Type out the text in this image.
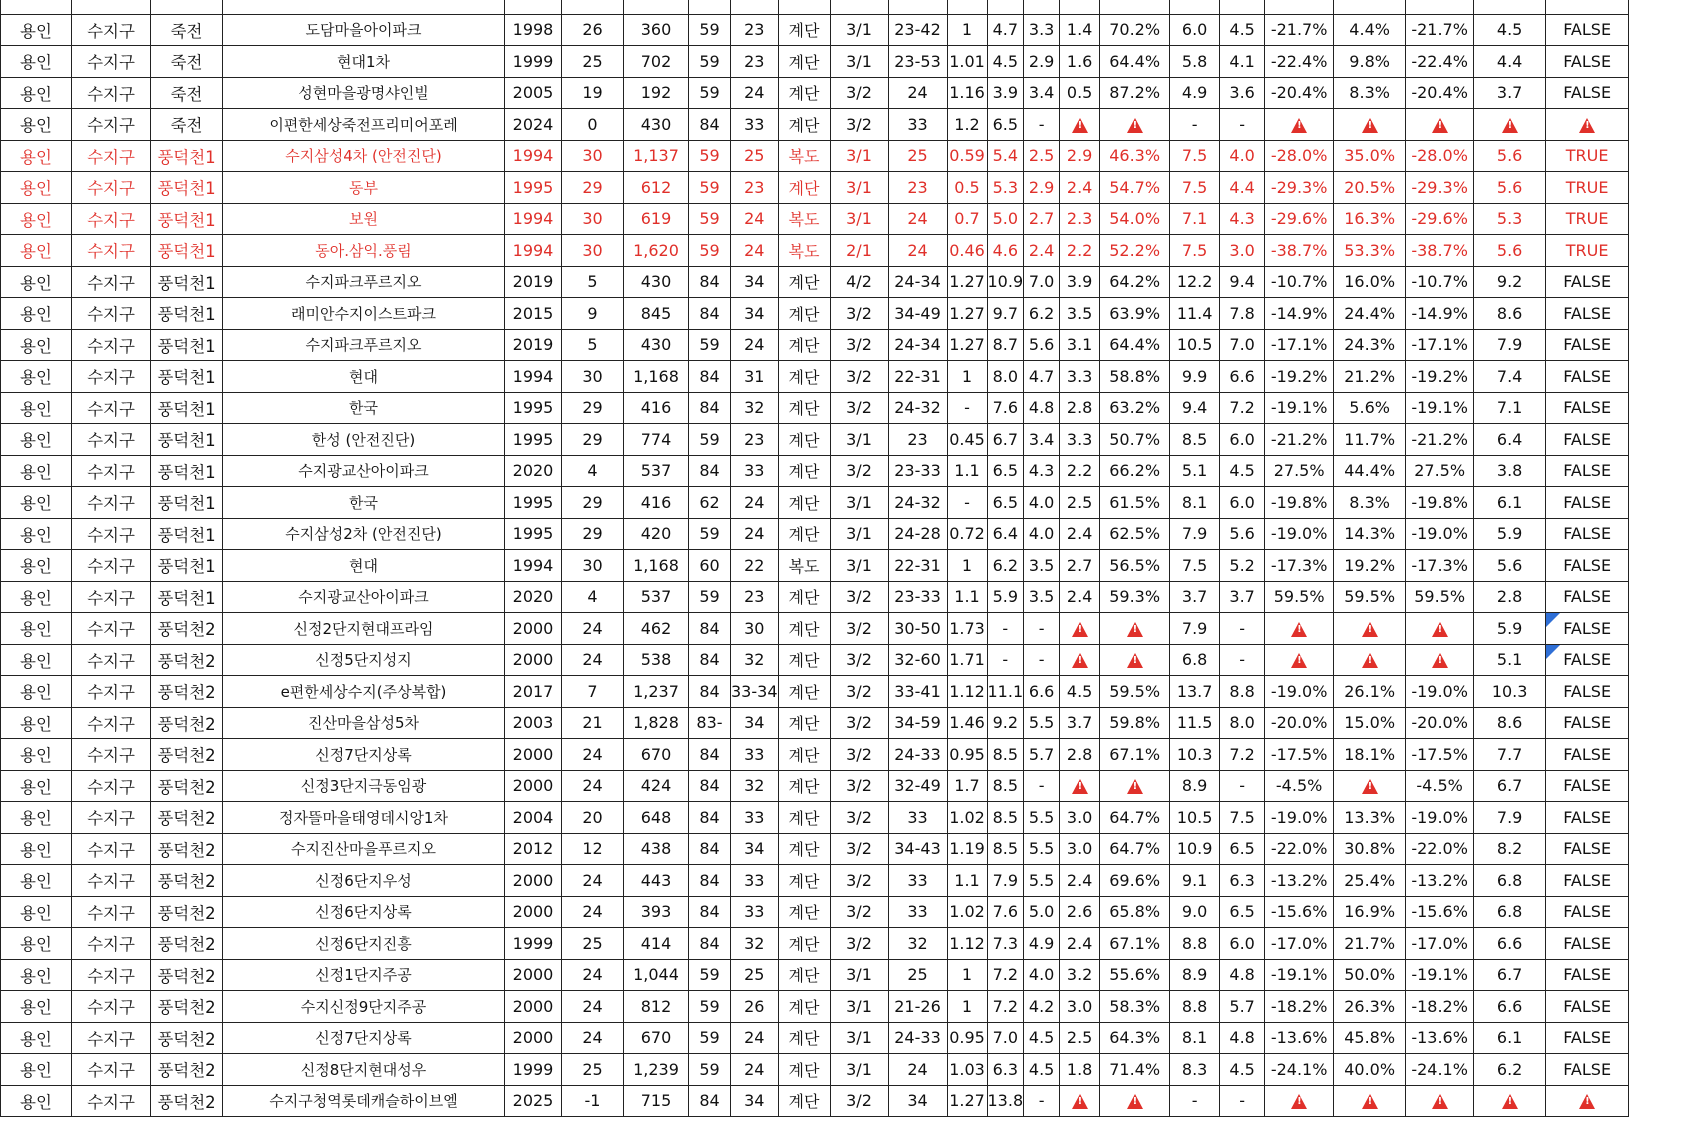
용인	수지구	죽전	도담마을아이파크	1998	26	360	59	23	계단	3/1	23-42	1	4.7	3.3	1.4	70.2%	6.0	4.5	-21.7%	4.4%	-21.7%	4.5	FALSE
용인	수지구	죽전	현대1차	1999	25	702	59	23	계단	3/1	23-53	1.01	4.5	2.9	1.6	64.4%	5.8	4.1	-22.4%	9.8%	-22.4%	4.4	FALSE
용인	수지구	죽전	성현마을광명샤인빌	2005	19	192	59	24	계단	3/2	24	1.16	3.9	3.4	0.5	87.2%	4.9	3.6	-20.4%	8.3%	-20.4%	3.7	FALSE
용인	수지구	죽전	이편한세상죽전프리미어포레	2024	0	430	84	33	계단	3/2	33	1.2	6.5	-	!	!	-	-	!	!	!	!	!
용인	수지구	풍덕천1	수지삼성4차 (안전진단)	1994	30	1,137	59	25	복도	3/1	25	0.59	5.4	2.5	2.9	46.3%	7.5	4.0	-28.0%	35.0%	-28.0%	5.6	TRUE
용인	수지구	풍덕천1	동부	1995	29	612	59	23	계단	3/1	23	0.5	5.3	2.9	2.4	54.7%	7.5	4.4	-29.3%	20.5%	-29.3%	5.6	TRUE
용인	수지구	풍덕천1	보원	1994	30	619	59	24	복도	3/1	24	0.7	5.0	2.7	2.3	54.0%	7.1	4.3	-29.6%	16.3%	-29.6%	5.3	TRUE
용인	수지구	풍덕천1	동아.삼익.풍림	1994	30	1,620	59	24	복도	2/1	24	0.46	4.6	2.4	2.2	52.2%	7.5	3.0	-38.7%	53.3%	-38.7%	5.6	TRUE
용인	수지구	풍덕천1	수지파크푸르지오	2019	5	430	84	34	계단	4/2	24-34	1.27	10.9	7.0	3.9	64.2%	12.2	9.4	-10.7%	16.0%	-10.7%	9.2	FALSE
용인	수지구	풍덕천1	래미안수지이스트파크	2015	9	845	84	34	계단	3/2	34-49	1.27	9.7	6.2	3.5	63.9%	11.4	7.8	-14.9%	24.4%	-14.9%	8.6	FALSE
용인	수지구	풍덕천1	수지파크푸르지오	2019	5	430	59	24	계단	3/2	24-34	1.27	8.7	5.6	3.1	64.4%	10.5	7.0	-17.1%	24.3%	-17.1%	7.9	FALSE
용인	수지구	풍덕천1	현대	1994	30	1,168	84	31	계단	3/2	22-31	1	8.0	4.7	3.3	58.8%	9.9	6.6	-19.2%	21.2%	-19.2%	7.4	FALSE
용인	수지구	풍덕천1	한국	1995	29	416	84	32	계단	3/2	24-32	-	7.6	4.8	2.8	63.2%	9.4	7.2	-19.1%	5.6%	-19.1%	7.1	FALSE
용인	수지구	풍덕천1	한성 (안전진단)	1995	29	774	59	23	계단	3/1	23	0.45	6.7	3.4	3.3	50.7%	8.5	6.0	-21.2%	11.7%	-21.2%	6.4	FALSE
용인	수지구	풍덕천1	수지광교산아이파크	2020	4	537	84	33	계단	3/2	23-33	1.1	6.5	4.3	2.2	66.2%	5.1	4.5	27.5%	44.4%	27.5%	3.8	FALSE
용인	수지구	풍덕천1	한국	1995	29	416	62	24	계단	3/1	24-32	-	6.5	4.0	2.5	61.5%	8.1	6.0	-19.8%	8.3%	-19.8%	6.1	FALSE
용인	수지구	풍덕천1	수지삼성2차 (안전진단)	1995	29	420	59	24	계단	3/1	24-28	0.72	6.4	4.0	2.4	62.5%	7.9	5.6	-19.0%	14.3%	-19.0%	5.9	FALSE
용인	수지구	풍덕천1	현대	1994	30	1,168	60	22	복도	3/1	22-31	1	6.2	3.5	2.7	56.5%	7.5	5.2	-17.3%	19.2%	-17.3%	5.6	FALSE
용인	수지구	풍덕천1	수지광교산아이파크	2020	4	537	59	23	계단	3/2	23-33	1.1	5.9	3.5	2.4	59.3%	3.7	3.7	59.5%	59.5%	59.5%	2.8	FALSE
용인	수지구	풍덕천2	신정2단지현대프라임	2000	24	462	84	30	계단	3/2	30-50	1.73	-	-	!	!	7.9	-	!	!	!	5.9	FALSE
용인	수지구	풍덕천2	신정5단지성지	2000	24	538	84	32	계단	3/2	32-60	1.71	-	-	!	!	6.8	-	!	!	!	5.1	FALSE
용인	수지구	풍덕천2	e편한세상수지(주상복합)	2017	7	1,237	84	33-34	계단	3/2	33-41	1.12	11.1	6.6	4.5	59.5%	13.7	8.8	-19.0%	26.1%	-19.0%	10.3	FALSE
용인	수지구	풍덕천2	진산마을삼성5차	2003	21	1,828	83-	34	계단	3/2	34-59	1.46	9.2	5.5	3.7	59.8%	11.5	8.0	-20.0%	15.0%	-20.0%	8.6	FALSE
용인	수지구	풍덕천2	신정7단지상록	2000	24	670	84	33	계단	3/2	24-33	0.95	8.5	5.7	2.8	67.1%	10.3	7.2	-17.5%	18.1%	-17.5%	7.7	FALSE
용인	수지구	풍덕천2	신정3단지극동임광	2000	24	424	84	32	계단	3/2	32-49	1.7	8.5	-	!	!	8.9	-	-4.5%	!	-4.5%	6.7	FALSE
용인	수지구	풍덕천2	정자뜰마을태영데시앙1차	2004	20	648	84	33	계단	3/2	33	1.02	8.5	5.5	3.0	64.7%	10.5	7.5	-19.0%	13.3%	-19.0%	7.9	FALSE
용인	수지구	풍덕천2	수지진산마을푸르지오	2012	12	438	84	34	계단	3/2	34-43	1.19	8.5	5.5	3.0	64.7%	10.9	6.5	-22.0%	30.8%	-22.0%	8.2	FALSE
용인	수지구	풍덕천2	신정6단지우성	2000	24	443	84	33	계단	3/2	33	1.1	7.9	5.5	2.4	69.6%	9.1	6.3	-13.2%	25.4%	-13.2%	6.8	FALSE
용인	수지구	풍덕천2	신정6단지상록	2000	24	393	84	33	계단	3/2	33	1.02	7.6	5.0	2.6	65.8%	9.0	6.5	-15.6%	16.9%	-15.6%	6.8	FALSE
용인	수지구	풍덕천2	신정6단지진흥	1999	25	414	84	32	계단	3/2	32	1.12	7.3	4.9	2.4	67.1%	8.8	6.0	-17.0%	21.7%	-17.0%	6.6	FALSE
용인	수지구	풍덕천2	신정1단지주공	2000	24	1,044	59	25	계단	3/1	25	1	7.2	4.0	3.2	55.6%	8.9	4.8	-19.1%	50.0%	-19.1%	6.7	FALSE
용인	수지구	풍덕천2	수지신정9단지주공	2000	24	812	59	26	계단	3/1	21-26	1	7.2	4.2	3.0	58.3%	8.8	5.7	-18.2%	26.3%	-18.2%	6.6	FALSE
용인	수지구	풍덕천2	신정7단지상록	2000	24	670	59	24	계단	3/1	24-33	0.95	7.0	4.5	2.5	64.3%	8.1	4.8	-13.6%	45.8%	-13.6%	6.1	FALSE
용인	수지구	풍덕천2	신정8단지현대성우	1999	25	1,239	59	24	계단	3/1	24	1.03	6.3	4.5	1.8	71.4%	8.3	4.5	-24.1%	40.0%	-24.1%	6.2	FALSE
용인	수지구	풍덕천2	수지구청역롯데캐슬하이브엘	2025	-1	715	84	34	계단	3/2	34	1.27	13.8	-	!	!	-	-	!	!	!	!	!
